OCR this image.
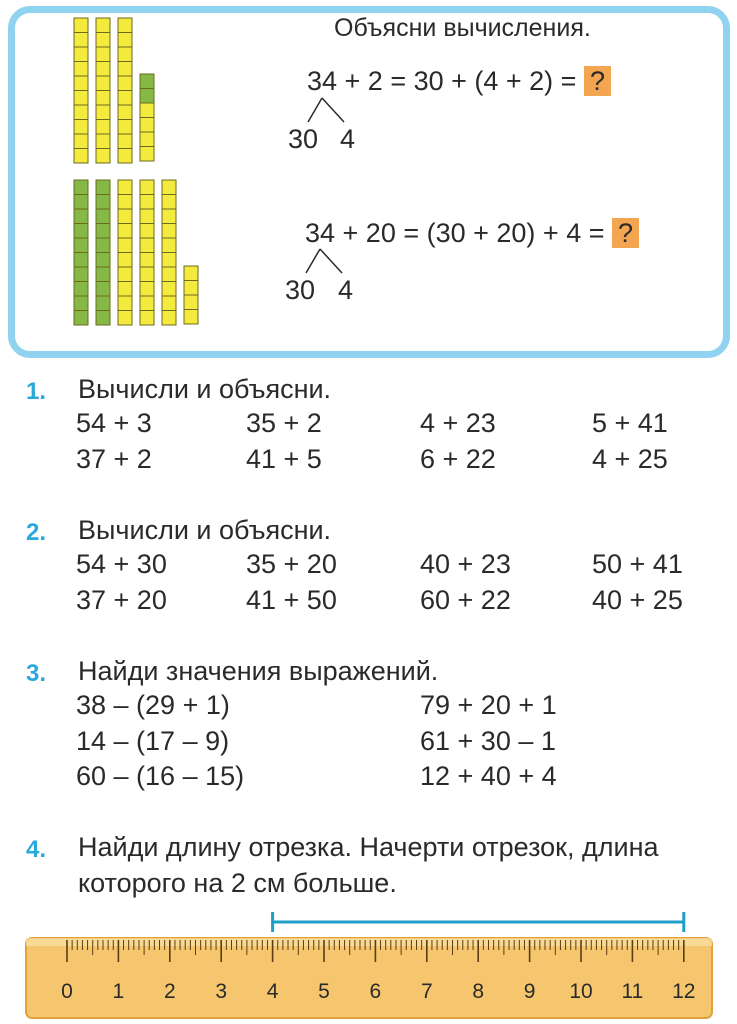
Объясни вычисления.
34 + 2 = 30 + (4 + 2) = ?
30 4
34 + 20 = (30 + 20) + 4 = ?
30 4
1. Вычисли и объясни.
54 + 3	35 + 2	4 + 23	5 + 41
37 + 2	41 + 5	6 + 22	4 + 25
2. Вычисли и объясни.
54 + 30	35 + 20	40 + 23	50 + 41
37 + 20	41 + 50	60 + 22	40 + 25
3. Найди значения выражений.
38 – (29 + 1)	79 + 20 + 1
14 – (17 – 9)	61 + 30 – 1
60 – (16 – 15)	12 + 40 + 4
4. Найди длину отрезка. Начерти отрезок, длина
которого на 2 см больше.
0 1 2 3 4 5 6 7 8 9 10 11 12
